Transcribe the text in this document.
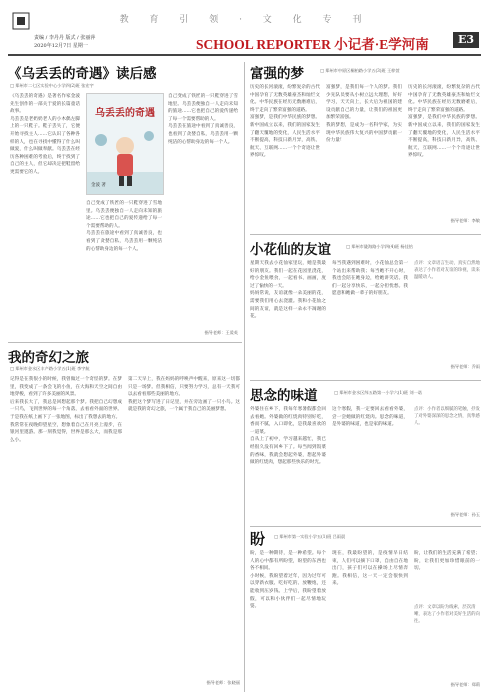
教 育 引 领 · 文 化 专 刊
责编 / 李丹丹 版式 / 张丽萍
2020年12月7日 星期一	SCHOOL REPORTER 小记者·E学河南	E3
《乌丢丢的奇遇》读后感
□ 郑州市二七区实验中心小学四(2)班 张宏宇
《乌丢丢的奇遇》是著名作家金波先生创作的一部关于爱的长篇童话故事。
乌丢丢是老奶奶老人的小木偶左脚上的一只鞋子。鞋子丢失了，它便开始寻找主人……它认识了各种各样的人，也在寻找中懂得了什么叫做爱，什么叫做奉献。乌丢丢在经历各种困难的考验后，终于找到了自己的主人，但它却决定把鞋留给更需要它的人。
乌丢丢的奇遇
金波 著
自己变成了铁匠的一只鞋穿进了雪地里。乌丢丢便独自一人走向未知的旅途……它也把自己的爱传递给了每一个需要帮助的人。
乌丢丢在旅途中看到了真诚善良，也看到了贪婪自私，乌丢丢用一颗纯洁的心帮助身边的每一个人。
自己变成了铁匠的一只鞋穿进了雪地里。乌丢丢便独自一人走向未知的旅途……它也把自己的爱传递给了每一个需要帮助的人。
乌丢丢在旅途中看到了真诚善良，也看到了贪婪自私，乌丢丢用一颗纯洁的心帮助身边的每一个人。
指导老师：王爱英
我的奇幻之旅
□ 郑州市金水区丰产路小学五(1)班 李宇航
记得是在我很小的时候，我曾做过一个奇怪的梦。在梦里，我变成了一条会飞的小鱼，在大海和天空之间自由地穿梭，看到了许多美丽的风景。
后来我长大了，我总是回想起那个梦。我把自己幻想成一只鸟，飞到世界的每一个角落，去看看外面的世界。于是我在纸上画下了一张地图，标出了我想去的地方。
我常常在夜晚仰望星空，想象着自己在月亮上漫步，在银河里遨游。那一刻我觉得，世界是那么大，而我是那么小。
第二天早上，我在妈妈的呼唤声中醒来，原来这一切都只是一场梦。但我相信，只要努力学习，总有一天我可以去看看那些美丽的地方。
我把这个梦写进了日记里，并在旁边画了一只小鸟。这就是我的奇幻之旅，一个属于我自己的美丽梦想。
指导老师：张晓丽
富强的梦	□ 郑州市中原区桐柏路小学五(3)班 王梓萱
历史的长河滚滚，纷繁复杂的古代中国孕育了无数英雄豪杰和灿烂文化。中华民族在经历无数磨难后，终于走向了繁荣富强的道路。
富强梦，是我们中华民族的梦想。新中国成立以来，我们的国家发生了翻天覆地的变化，人民生活水平不断提高，科技日新月异，高铁、航天、互联网……一个个奇迹让世界惊叹。
富强梦，是我们每一个人的梦。我们少先队员要从小树立远大理想，好好学习，天天向上，长大后为祖国的建设贡献自己的力量，让我们的祖国更加繁荣富强。
我的梦想，是成为一名科学家，为实现中华民族伟大复兴的中国梦贡献一份力量！
历史的长河滚滚，纷繁复杂的古代中国孕育了无数英雄豪杰和灿烂文化。中华民族在经历无数磨难后，终于走向了繁荣富强的道路。
富强梦，是我们中华民族的梦想。新中国成立以来，我们的国家发生了翻天覆地的变化，人民生活水平不断提高，科技日新月异，高铁、航天、互联网……一个个奇迹让世界惊叹。
指导老师：李敏
小花仙的友谊	□ 郑州市陇海路小学四(4)班 杨佳怡
星期天我去小花仙家里玩，她是我最好的朋友。我们一起在花园里浇花，给小金鱼喂食，一起看书、画画，度过了愉快的一天。
妈妈常说，友谊就像一朵美丽的花，需要我们用心去浇灌。我和小花仙之间的友谊，就是这样一朵永不凋谢的花。
每当我遇到困难时，小花仙总会第一个站出来帮助我；每当她不开心时，我也会陪在她身边，给她讲笑话。我们一起分享快乐，一起分担忧愁。我愿意和她做一辈子的好朋友。
点评：文章语言生动，真实自然地表达了小作者对友谊的珍视，读来温暖动人。
指导老师：乔雨
思念的味道	□ 郑州市金水区纬五路第一小学六(1)班 刘一诺
外婆住在乡下，我每年寒暑假都会回去看她。外婆做的红烧肉特别好吃，香而不腻，入口即化，是我最喜欢的一道菜。
自从上了初中，学习越来越忙，我已经很久没有回乡下了。每当闻到饭菜的香味，我就会想起外婆，想起外婆做的红烧肉，想起那些快乐的时光。
这个寒假，我一定要回去看看外婆，尝一尝她做的红烧肉。思念的味道，是外婆的味道，也是家的味道。
点评：小作者以细腻的笔触，抒发了对外婆深深的思念之情，真挚感人。
指导老师：孙玉
盼 □ 郑州市第一实验小学五(1)班 吕雨晨
盼，是一种期待，是一种希望。每个人的心中都有所盼望，盼望的东西也各不相同。
小时候，我盼望着过年，因为过年可以穿新衣服、吃好吃的、放鞭炮，还能收到压岁钱。上学后，我盼望着放假，可以和小伙伴们一起尽情地玩耍。
现在，我最盼望的，是疫情早日结束，人们可以摘下口罩，自由自在地出门，孩子们可以在操场上尽情奔跑。我相信，这一天一定会很快到来。
盼，让我们的生活充满了希望；盼，让我们更加珍惜眼前的一切。
点评：文章以盼为线索，层次清晰，表达了小作者对美好生活的向往。
指导老师：郑莉
